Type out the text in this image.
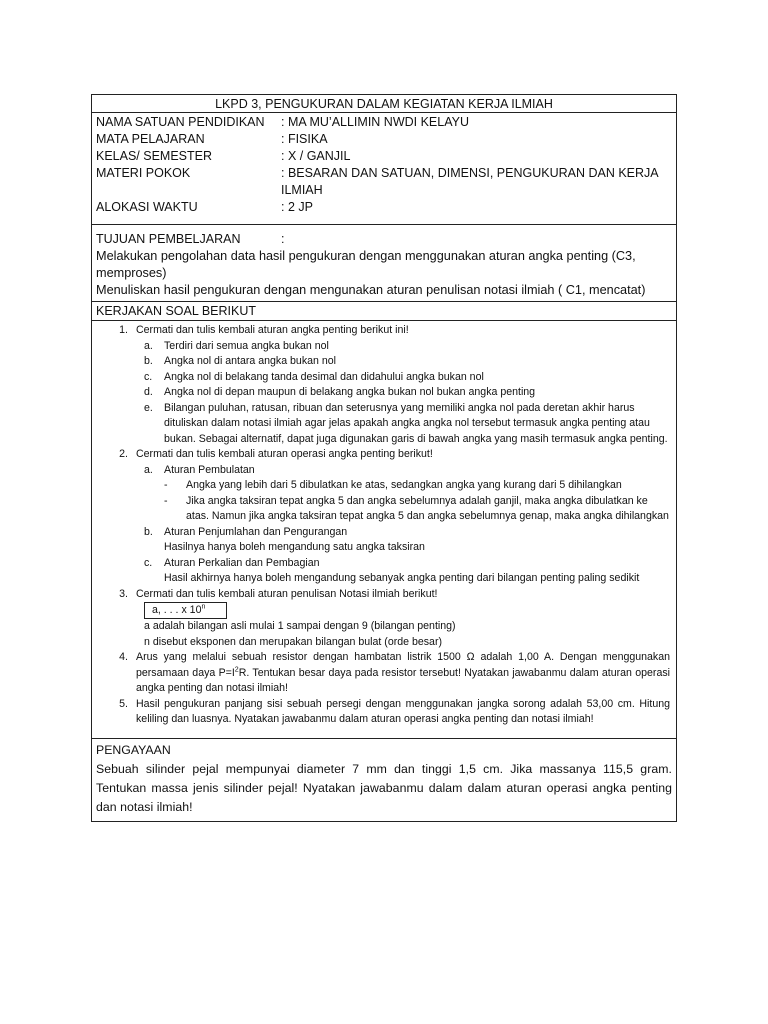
LKPD 3, PENGUKURAN DALAM KEGIATAN KERJA ILMIAH
NAMA SATUAN PENDIDIKAN	: MA MU’ALLIMIN NWDI KELAYU
MATA PELAJARAN	: FISIKA
KELAS/ SEMESTER	: X / GANJIL
MATERI POKOK	: BESARAN DAN SATUAN, DIMENSI, PENGUKURAN DAN KERJA ILMIAH
ALOKASI WAKTU	: 2 JP
TUJUAN PEMBELJARAN	:
Melakukan pengolahan data hasil pengukuran dengan menggunakan aturan angka penting (C3, memproses)
Menuliskan hasil pengukuran dengan mengunakan aturan penulisan notasi ilmiah ( C1, mencatat)
KERJAKAN SOAL BERIKUT
1. Cermati dan tulis kembali aturan angka penting berikut ini!
a.	Terdiri dari semua angka bukan nol
b.	Angka nol di antara angka bukan nol
c.	Angka nol di belakang tanda desimal dan didahului angka bukan nol
d.	Angka nol di depan maupun di belakang angka bukan nol bukan angka penting
e.	Bilangan puluhan, ratusan, ribuan dan seterusnya yang memiliki angka nol pada deretan akhir harus dituliskan dalam notasi ilmiah agar jelas apakah angka angka nol tersebut termasuk angka penting atau bukan. Sebagai alternatif, dapat juga digunakan garis di bawah angka yang masih termasuk angka penting.
2. Cermati dan tulis kembali aturan operasi angka penting berikut!
a.	Aturan Pembulatan
-	Angka yang lebih dari 5 dibulatkan ke atas, sedangkan angka yang kurang dari 5 dihilangkan
-	Jika angka taksiran tepat angka 5 dan angka sebelumnya adalah ganjil, maka angka dibulatkan ke atas. Namun jika angka taksiran tepat angka 5 dan angka sebelumnya genap, maka angka dihilangkan
b.	Aturan Penjumlahan dan Pengurangan
Hasilnya hanya boleh mengandung satu angka taksiran
c.	Aturan Perkalian dan Pembagian
Hasil akhirnya hanya boleh mengandung sebanyak angka penting dari bilangan penting paling sedikit
3. Cermati dan tulis kembali aturan penulisan Notasi ilmiah berikut!
a, . . . x 10$^n$
a adalah bilangan asli mulai 1 sampai dengan 9 (bilangan penting)
n disebut eksponen dan merupakan bilangan bulat (orde besar)
4. Arus yang melalui sebuah resistor dengan hambatan listrik 1500 Ω adalah 1,00 A. Dengan menggunakan persamaan daya $P=I^2R$. Tentukan besar daya pada resistor tersebut! Nyatakan jawabanmu dalam aturan operasi angka penting dan notasi ilmiah!
5. Hasil pengukuran panjang sisi sebuah persegi dengan menggunakan jangka sorong adalah 53,00 cm. Hitung keliling dan luasnya. Nyatakan jawabanmu dalam aturan operasi angka penting dan notasi ilmiah!
PENGAYAAN
Sebuah silinder pejal mempunyai diameter 7 mm dan tinggi 1,5 cm. Jika massanya 115,5 gram. Tentukan massa jenis silinder pejal! Nyatakan jawabanmu dalam dalam aturan operasi angka penting dan notasi ilmiah!
